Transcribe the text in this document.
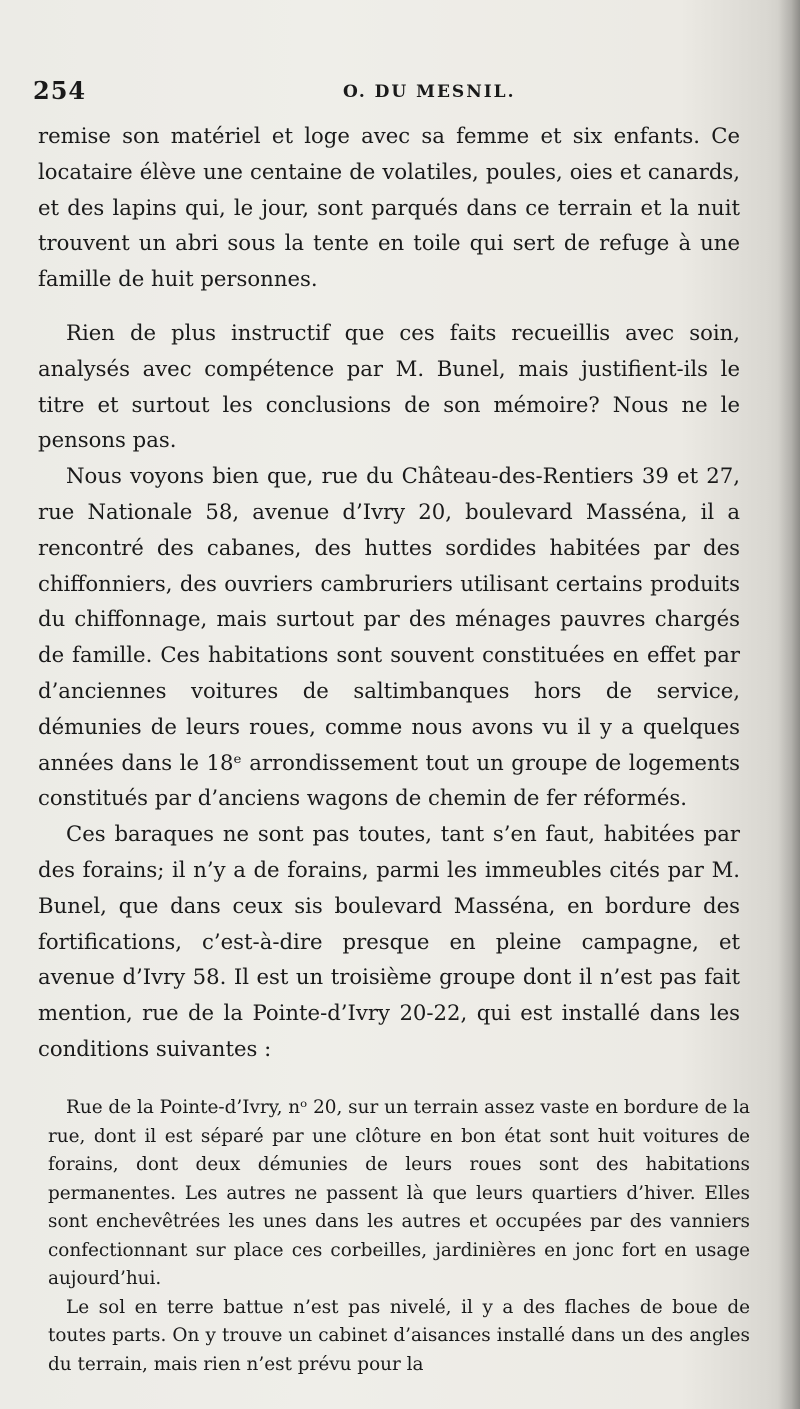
254	O. DU MESNIL.

remise son matériel et loge avec sa femme et six enfants. Ce locataire élève une centaine de volatiles, poules, oies et canards, et des lapins qui, le jour, sont parqués dans ce terrain et la nuit trouvent un abri sous la tente en toile qui sert de refuge à une famille de huit personnes.

Rien de plus instructif que ces faits recueillis avec soin, analysés avec compétence par M. Bunel, mais justifient-ils le titre et surtout les conclusions de son mémoire? Nous ne le pensons pas.

Nous voyons bien que, rue du Château-des-Rentiers 39 et 27, rue Nationale 58, avenue d’Ivry 20, boulevard Masséna, il a rencontré des cabanes, des huttes sordides habitées par des chiffonniers, des ouvriers cambruriers utilisant certains produits du chiffonnage, mais surtout par des ménages pauvres chargés de famille. Ces habitations sont souvent constituées en effet par d’anciennes voitures de saltimbanques hors de service, démunies de leurs roues, comme nous avons vu il y a quelques années dans le 18ᵉ arrondissement tout un groupe de logements constitués par d’anciens wagons de chemin de fer réformés.

Ces baraques ne sont pas toutes, tant s’en faut, habitées par des forains; il n’y a de forains, parmi les immeubles cités par M. Bunel, que dans ceux sis boulevard Masséna, en bordure des fortifications, c’est-à-dire presque en pleine campagne, et avenue d’Ivry 58. Il est un troisième groupe dont il n’est pas fait mention, rue de la Pointe-d’Ivry 20-22, qui est installé dans les conditions suivantes :

Rue de la Pointe-d’Ivry, nᵒ 20, sur un terrain assez vaste en bordure de la rue, dont il est séparé par une clôture en bon état sont huit voitures de forains, dont deux démunies de leurs roues sont des habitations permanentes. Les autres ne passent là que leurs quartiers d’hiver. Elles sont enchevêtrées les unes dans les autres et occupées par des vanniers confectionnant sur place ces corbeilles, jardinières en jonc fort en usage aujourd’hui.

Le sol en terre battue n’est pas nivelé, il y a des flaches de boue de toutes parts. On y trouve un cabinet d’aisances installé dans un des angles du terrain, mais rien n’est prévu pour la
